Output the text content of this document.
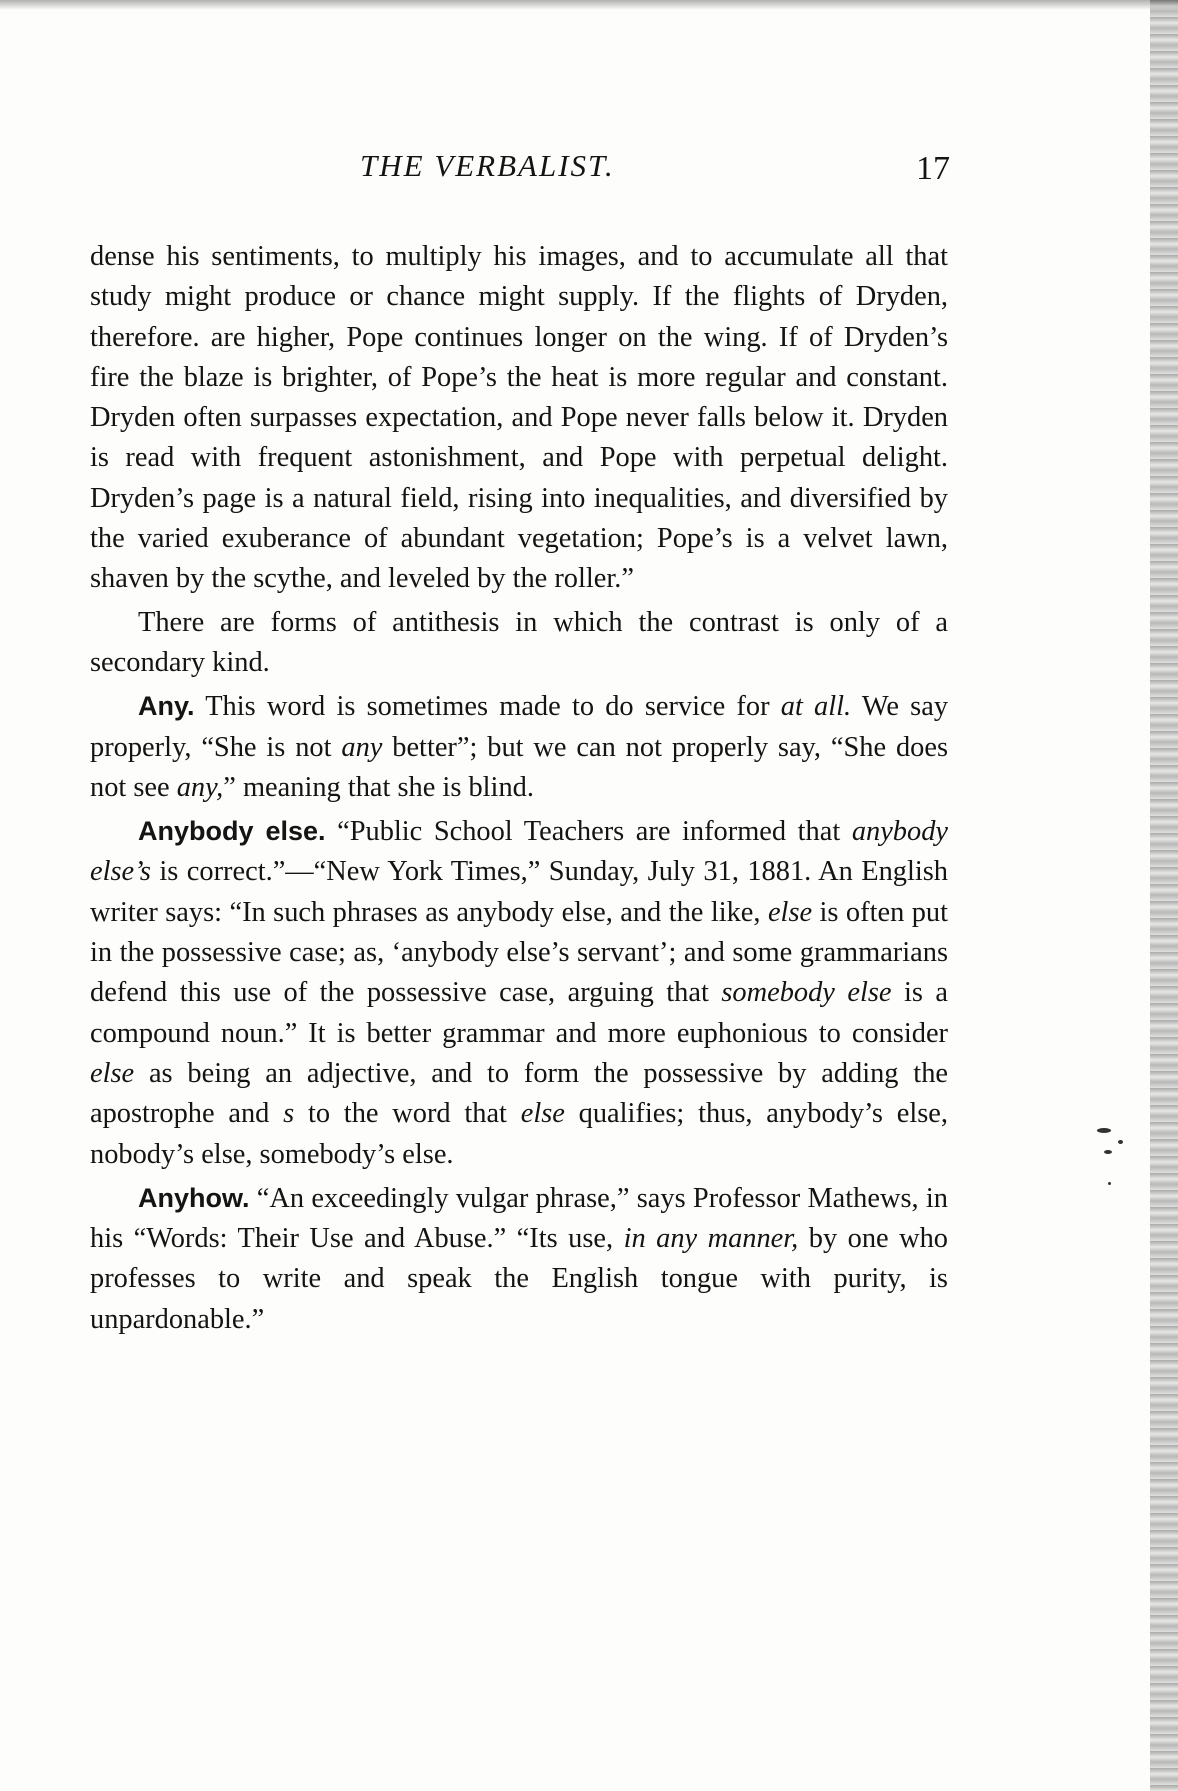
THE VERBALIST.	17

dense his sentiments, to multiply his images, and to accumulate all that study might produce or chance might supply. If the flights of Dryden, therefore. are higher, Pope continues longer on the wing. If of Dryden’s fire the blaze is brighter, of Pope’s the heat is more regular and constant. Dryden often surpasses expectation, and Pope never falls below it. Dryden is read with frequent astonishment, and Pope with perpetual delight. Dryden’s page is a natural field, rising into inequalities, and diversified by the varied exuberance of abundant vegetation; Pope’s is a velvet lawn, shaven by the scythe, and leveled by the roller.”

There are forms of antithesis in which the contrast is only of a secondary kind.

Any. This word is sometimes made to do service for at all. We say properly, “She is not any better”; but we can not properly say, “She does not see any,” meaning that she is blind.

Anybody else. “Public School Teachers are informed that anybody else’s is correct.”—“New York Times,” Sunday, July 31, 1881. An English writer says: “In such phrases as anybody else, and the like, else is often put in the possessive case; as, ‘anybody else’s servant’; and some grammarians defend this use of the possessive case, arguing that somebody else is a compound noun.” It is better grammar and more euphonious to consider else as being an adjective, and to form the possessive by adding the apostrophe and s to the word that else qualifies; thus, anybody’s else, nobody’s else, somebody’s else.

Anyhow. “An exceedingly vulgar phrase,” says Professor Mathews, in his “Words: Their Use and Abuse.” “Its use, in any manner, by one who professes to write and speak the English tongue with purity, is unpardonable.”
